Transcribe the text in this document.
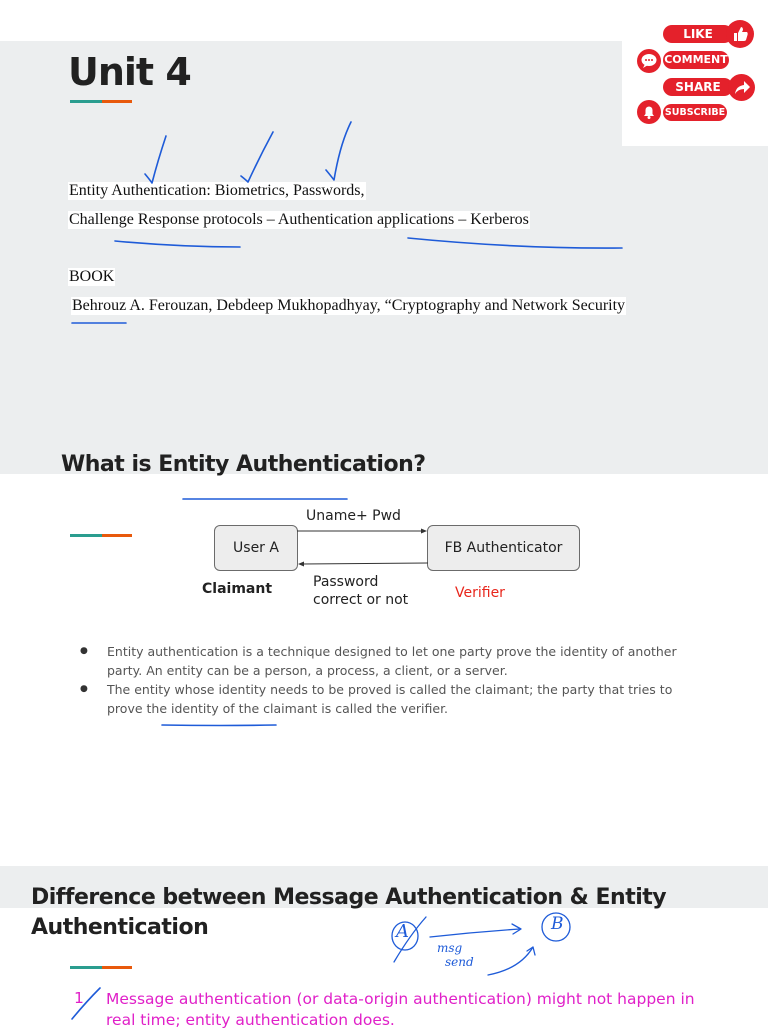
Unit 4
Entity Authentication: Biometrics, Passwords,
Challenge Response protocols – Authentication applications – Kerberos
BOOK
Behrouz A. Ferouzan, Debdeep Mukhopadhyay, “Cryptography and Network Security
LIKE
COMMENT
SHARE
SUBSCRIBE
What is Entity Authentication?
User A	FB Authenticator
Uname+ Pwd
Password
correct or not
Claimant	Verifier
● Entity authentication is a technique designed to let one party prove the identity of another party. An entity can be a person, a process, a client, or a server.
● The entity whose identity needs to be proved is called the claimant; the party that tries to prove the identity of the claimant is called the verifier.
Difference between Message Authentication & Entity Authentication	A	B
msg
send
1 Message authentication (or data-origin authentication) might not happen in real time; entity authentication does.
